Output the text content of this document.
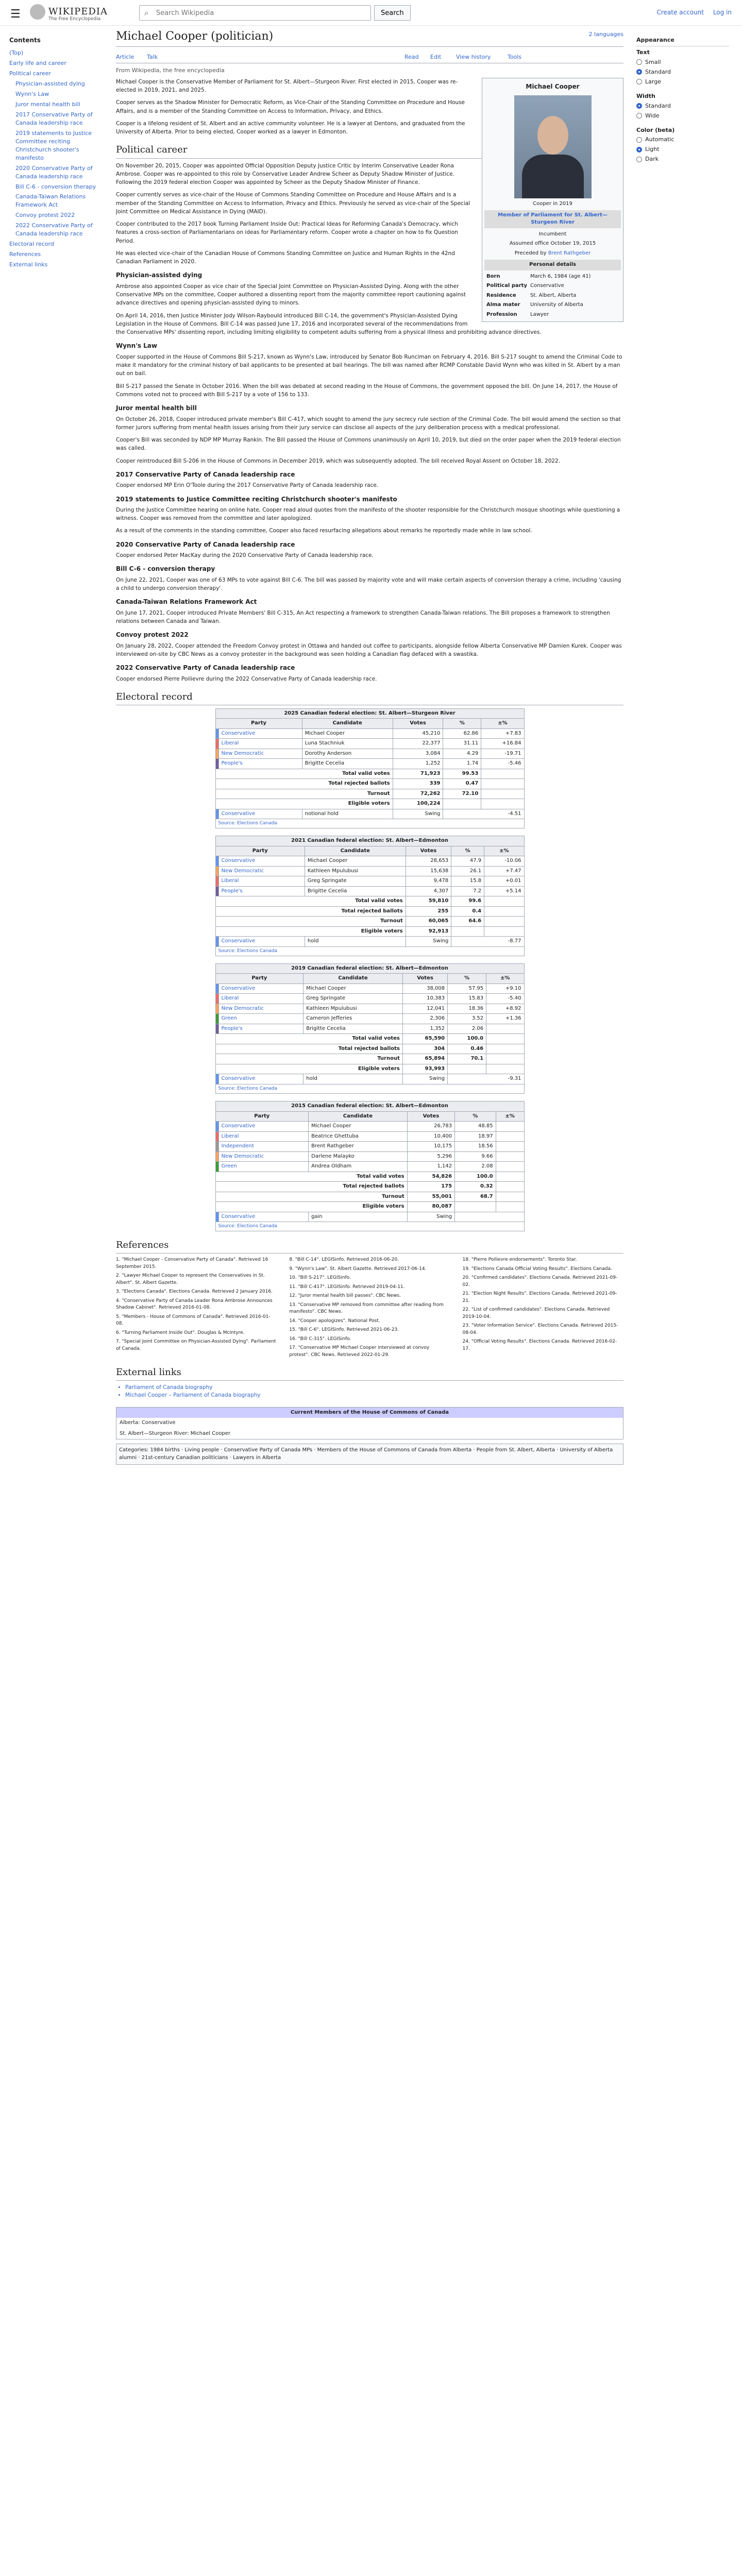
☰	WIKIPEDIA
The Free Encyclopedia
Search Wikipedia
⌕	Search	Create account Log in
Contents
(Top)
Early life and career
Political career
Physician-assisted dying
Wynn's Law
Juror mental health bill
2017 Conservative Party of Canada leadership race
2019 statements to Justice Committee reciting Christchurch shooter's manifesto
2020 Conservative Party of Canada leadership race
Bill C-6 - conversion therapy
Canada-Taiwan Relations Framework Act
Convoy protest 2022
2022 Conservative Party of Canada leadership race
Electoral record
References
External links
Michael Cooper (politician)	2 languages
Article Talk	Read Edit	View history	Tools
From Wikipedia, the free encyclopedia
Michael Cooper
Cooper in 2019
Member of Parliament for St. Albert—Sturgeon River
Incumbent
Assumed office October 19, 2015
Preceded by Brent Rathgeber
Personal details
Born	March 6, 1984 (age 41)
Political party Conservative
Residence	St. Albert, Alberta
Alma mater	University of Alberta
Profession	Lawyer

Michael Cooper is the Conservative Member of Parliament for St. Albert—Sturgeon River. First elected in 2015, Cooper was re-elected in 2019, 2021, and 2025.

Cooper serves as the Shadow Minister for Democratic Reform, as Vice-Chair of the Standing Committee on Procedure and House Affairs, and is a member of the Standing Committee on Access to Information, Privacy, and Ethics.

Cooper is a lifelong resident of St. Albert and an active community volunteer. He is a lawyer at Dentons, and graduated from the University of Alberta. Prior to being elected, Cooper worked as a lawyer in Edmonton.

Political career

On November 20, 2015, Cooper was appointed Official Opposition Deputy Justice Critic by Interim Conservative Leader Rona Ambrose. Cooper was re-appointed to this role by Conservative Leader Andrew Scheer as Deputy Shadow Minister of Justice. Following the 2019 federal election Cooper was appointed by Scheer as the Deputy Shadow Minister of Finance.

Cooper currently serves as vice-chair of the House of Commons Standing Committee on Procedure and House Affairs and is a member of the Standing Committee on Access to Information, Privacy and Ethics. Previously he served as vice-chair of the Special Joint Committee on Medical Assistance in Dying (MAID).

Cooper contributed to the 2017 book Turning Parliament Inside Out: Practical Ideas for Reforming Canada's Democracy, which features a cross-section of Parliamentarians on ideas for Parliamentary reform. Cooper wrote a chapter on how to fix Question Period.

He was elected vice-chair of the Canadian House of Commons Standing Committee on Justice and Human Rights in the 42nd Canadian Parliament in 2020.

Physician-assisted dying

Ambrose also appointed Cooper as vice chair of the Special Joint Committee on Physician-Assisted Dying. Along with the other Conservative MPs on the committee, Cooper authored a dissenting report from the majority committee report cautioning against advance directives and opening physician-assisted dying to minors.

On April 14, 2016, then Justice Minister Jody Wilson-Raybould introduced Bill C-14, the government's Physician-Assisted Dying Legislation in the House of Commons. Bill C-14 was passed June 17, 2016 and incorporated several of the recommendations from the Conservative MPs' dissenting report, including limiting eligibility to competent adults suffering from a physical illness and prohibiting advance directives.

Wynn's Law

Cooper supported in the House of Commons Bill S-217, known as Wynn's Law, introduced by Senator Bob Runciman on February 4, 2016. Bill S-217 sought to amend the Criminal Code to make it mandatory for the criminal history of bail applicants to be presented at bail hearings. The bill was named after RCMP Constable David Wynn who was killed in St. Albert by a man out on bail.

Bill S-217 passed the Senate in October 2016. When the bill was debated at second reading in the House of Commons, the government opposed the bill. On June 14, 2017, the House of Commons voted not to proceed with Bill S-217 by a vote of 156 to 133.

Juror mental health bill

On October 26, 2018, Cooper introduced private member's Bill C-417, which sought to amend the jury secrecy rule section of the Criminal Code. The bill would amend the section so that former jurors suffering from mental health issues arising from their jury service can disclose all aspects of the jury deliberation process with a medical professional.

Cooper's Bill was seconded by NDP MP Murray Rankin. The Bill passed the House of Commons unanimously on April 10, 2019, but died on the order paper when the 2019 federal election was called.

Cooper reintroduced Bill S-206 in the House of Commons in December 2019, which was subsequently adopted. The bill received Royal Assent on October 18, 2022.

2017 Conservative Party of Canada leadership race

Cooper endorsed MP Erin O'Toole during the 2017 Conservative Party of Canada leadership race.

2019 statements to Justice Committee reciting Christchurch shooter's manifesto

During the Justice Committee hearing on online hate, Cooper read aloud quotes from the manifesto of the shooter responsible for the Christchurch mosque shootings while questioning a witness. Cooper was removed from the committee and later apologized.

As a result of the comments in the standing committee, Cooper also faced resurfacing allegations about remarks he reportedly made while in law school.

2020 Conservative Party of Canada leadership race

Cooper endorsed Peter MacKay during the 2020 Conservative Party of Canada leadership race.

Bill C-6 - conversion therapy

On June 22, 2021, Cooper was one of 63 MPs to vote against Bill C-6. The bill was passed by majority vote and will make certain aspects of conversion therapy a crime, including 'causing a child to undergo conversion therapy'.

Canada-Taiwan Relations Framework Act

On June 17, 2021, Cooper introduced Private Members' Bill C-315, An Act respecting a framework to strengthen Canada-Taiwan relations. The Bill proposes a framework to strengthen relations between Canada and Taiwan.

Convoy protest 2022

On January 28, 2022, Cooper attended the Freedom Convoy protest in Ottawa and handed out coffee to participants, alongside fellow Alberta Conservative MP Damien Kurek. Cooper was interviewed on-site by CBC News as a convoy protester in the background was seen holding a Canadian flag defaced with a swastika.

2022 Conservative Party of Canada leadership race

Cooper endorsed Pierre Poilievre during the 2022 Conservative Party of Canada leadership race.

Electoral record
2025 Canadian federal election: St. Albert—Sturgeon River					
Party		Candidate	Votes	%	±%
	Conservative	Michael Cooper	45,210	62.86	+7.83
	Liberal	Luna Stachniuk	22,377	31.11	+16.84
	New Democratic	Dorothy Anderson	3,084	4.29	-19.71
	People's	Brigitte Cecelia	1,252	1.74	-5.46
Total valid votes			71,923	99.53	
Total rejected ballots			339	0.47	
Turnout			72,262	72.10	
Eligible voters			100,224		
	Conservative	notional hold	Swing	-4.51	
Source: Elections Canada					
2021 Canadian federal election: St. Albert—Edmonton					
Party		Candidate	Votes	%	±%
	Conservative	Michael Cooper	28,653	47.9	-10.06
	New Democratic	Kathleen Mpulubusi	15,638	26.1	+7.47
	Liberal	Greg Springate	9,478	15.8	+0.01
	People's	Brigitte Cecelia	4,307	7.2	+5.14
Total valid votes			59,810	99.6	
Total rejected ballots			255	0.4	
Turnout			60,065	64.6	
Eligible voters			92,913		
	Conservative	hold	Swing	-8.77	
Source: Elections Canada					
2019 Canadian federal election: St. Albert—Edmonton					
Party		Candidate	Votes	%	±%
	Conservative	Michael Cooper	38,008	57.95	+9.10
	Liberal	Greg Springate	10,383	15.83	-5.40
	New Democratic	Kathleen Mpulubusi	12,041	18.36	+8.92
	Green	Cameron Jefferies	2,306	3.52	+1.36
	People's	Brigitte Cecelia	1,352	2.06	
Total valid votes			65,590	100.0	
Total rejected ballots			304	0.46	
Turnout			65,894	70.1	
Eligible voters			93,993		
	Conservative	hold	Swing	-9.31	
Source: Elections Canada					
2015 Canadian federal election: St. Albert—Edmonton					
Party		Candidate	Votes	%	±%
	Conservative	Michael Cooper	26,783	48.85	
	Liberal	Beatrice Ghettuba	10,400	18.97	
	Independent	Brent Rathgeber	10,175	18.56	
	New Democratic	Darlene Malayko	5,296	9.66	
	Green	Andrea Oldham	1,142	2.08	
Total valid votes			54,826	100.0	
Total rejected ballots			175	0.32	
Turnout			55,001	68.7	
Eligible voters			80,087		
	Conservative	gain	Swing		
Source: Elections Canada					
References
1. "Michael Cooper - Conservative Party of Canada". Retrieved 16 September 2015.
2. "Lawyer Michael Cooper to represent the Conservatives in St. Albert". St. Albert Gazette.
3. "Elections Canada". Elections Canada. Retrieved 2 January 2016.
4. "Conservative Party of Canada Leader Rona Ambrose Announces Shadow Cabinet". Retrieved 2016-01-08.
5. "Members - House of Commons of Canada". Retrieved 2016-01-08.
6. "Turning Parliament Inside Out". Douglas & McIntyre.
7. "Special Joint Committee on Physician-Assisted Dying". Parliament of Canada.
8. "Bill C-14". LEGISinfo. Retrieved 2016-06-20.
9. "Wynn's Law". St. Albert Gazette. Retrieved 2017-06-14.
10. "Bill S-217". LEGISinfo.
11. "Bill C-417". LEGISinfo. Retrieved 2019-04-11.
12. "Juror mental health bill passes". CBC News.
13. "Conservative MP removed from committee after reading from manifesto". CBC News.
14. "Cooper apologizes". National Post.
15. "Bill C-6". LEGISinfo. Retrieved 2021-06-23.
16. "Bill C-315". LEGISinfo.
17. "Conservative MP Michael Cooper interviewed at convoy protest". CBC News. Retrieved 2022-01-29.
18. "Pierre Poilievre endorsements". Toronto Star.
19. "Elections Canada Official Voting Results". Elections Canada.
20. "Confirmed candidates". Elections Canada. Retrieved 2021-09-02.
21. "Election Night Results". Elections Canada. Retrieved 2021-09-21.
22. "List of confirmed candidates". Elections Canada. Retrieved 2019-10-04.
23. "Voter Information Service". Elections Canada. Retrieved 2015-08-04.
24. "Official Voting Results". Elections Canada. Retrieved 2016-02-17.
External links
• Parliament of Canada biography
• Michael Cooper – Parliament of Canada biography
Current Members of the House of Commons of Canada
Alberta: Conservative
St. Albert—Sturgeon River: Michael Cooper
Categories: 1984 births · Living people · Conservative Party of Canada MPs · Members of the House of Commons of Canada from Alberta · People from St. Albert, Alberta · University of Alberta alumni · 21st-century Canadian politicians · Lawyers in Alberta
Appearance
Text
Small
Standard
Large
Width
Standard
Wide
Color (beta)
Automatic
Light
Dark
